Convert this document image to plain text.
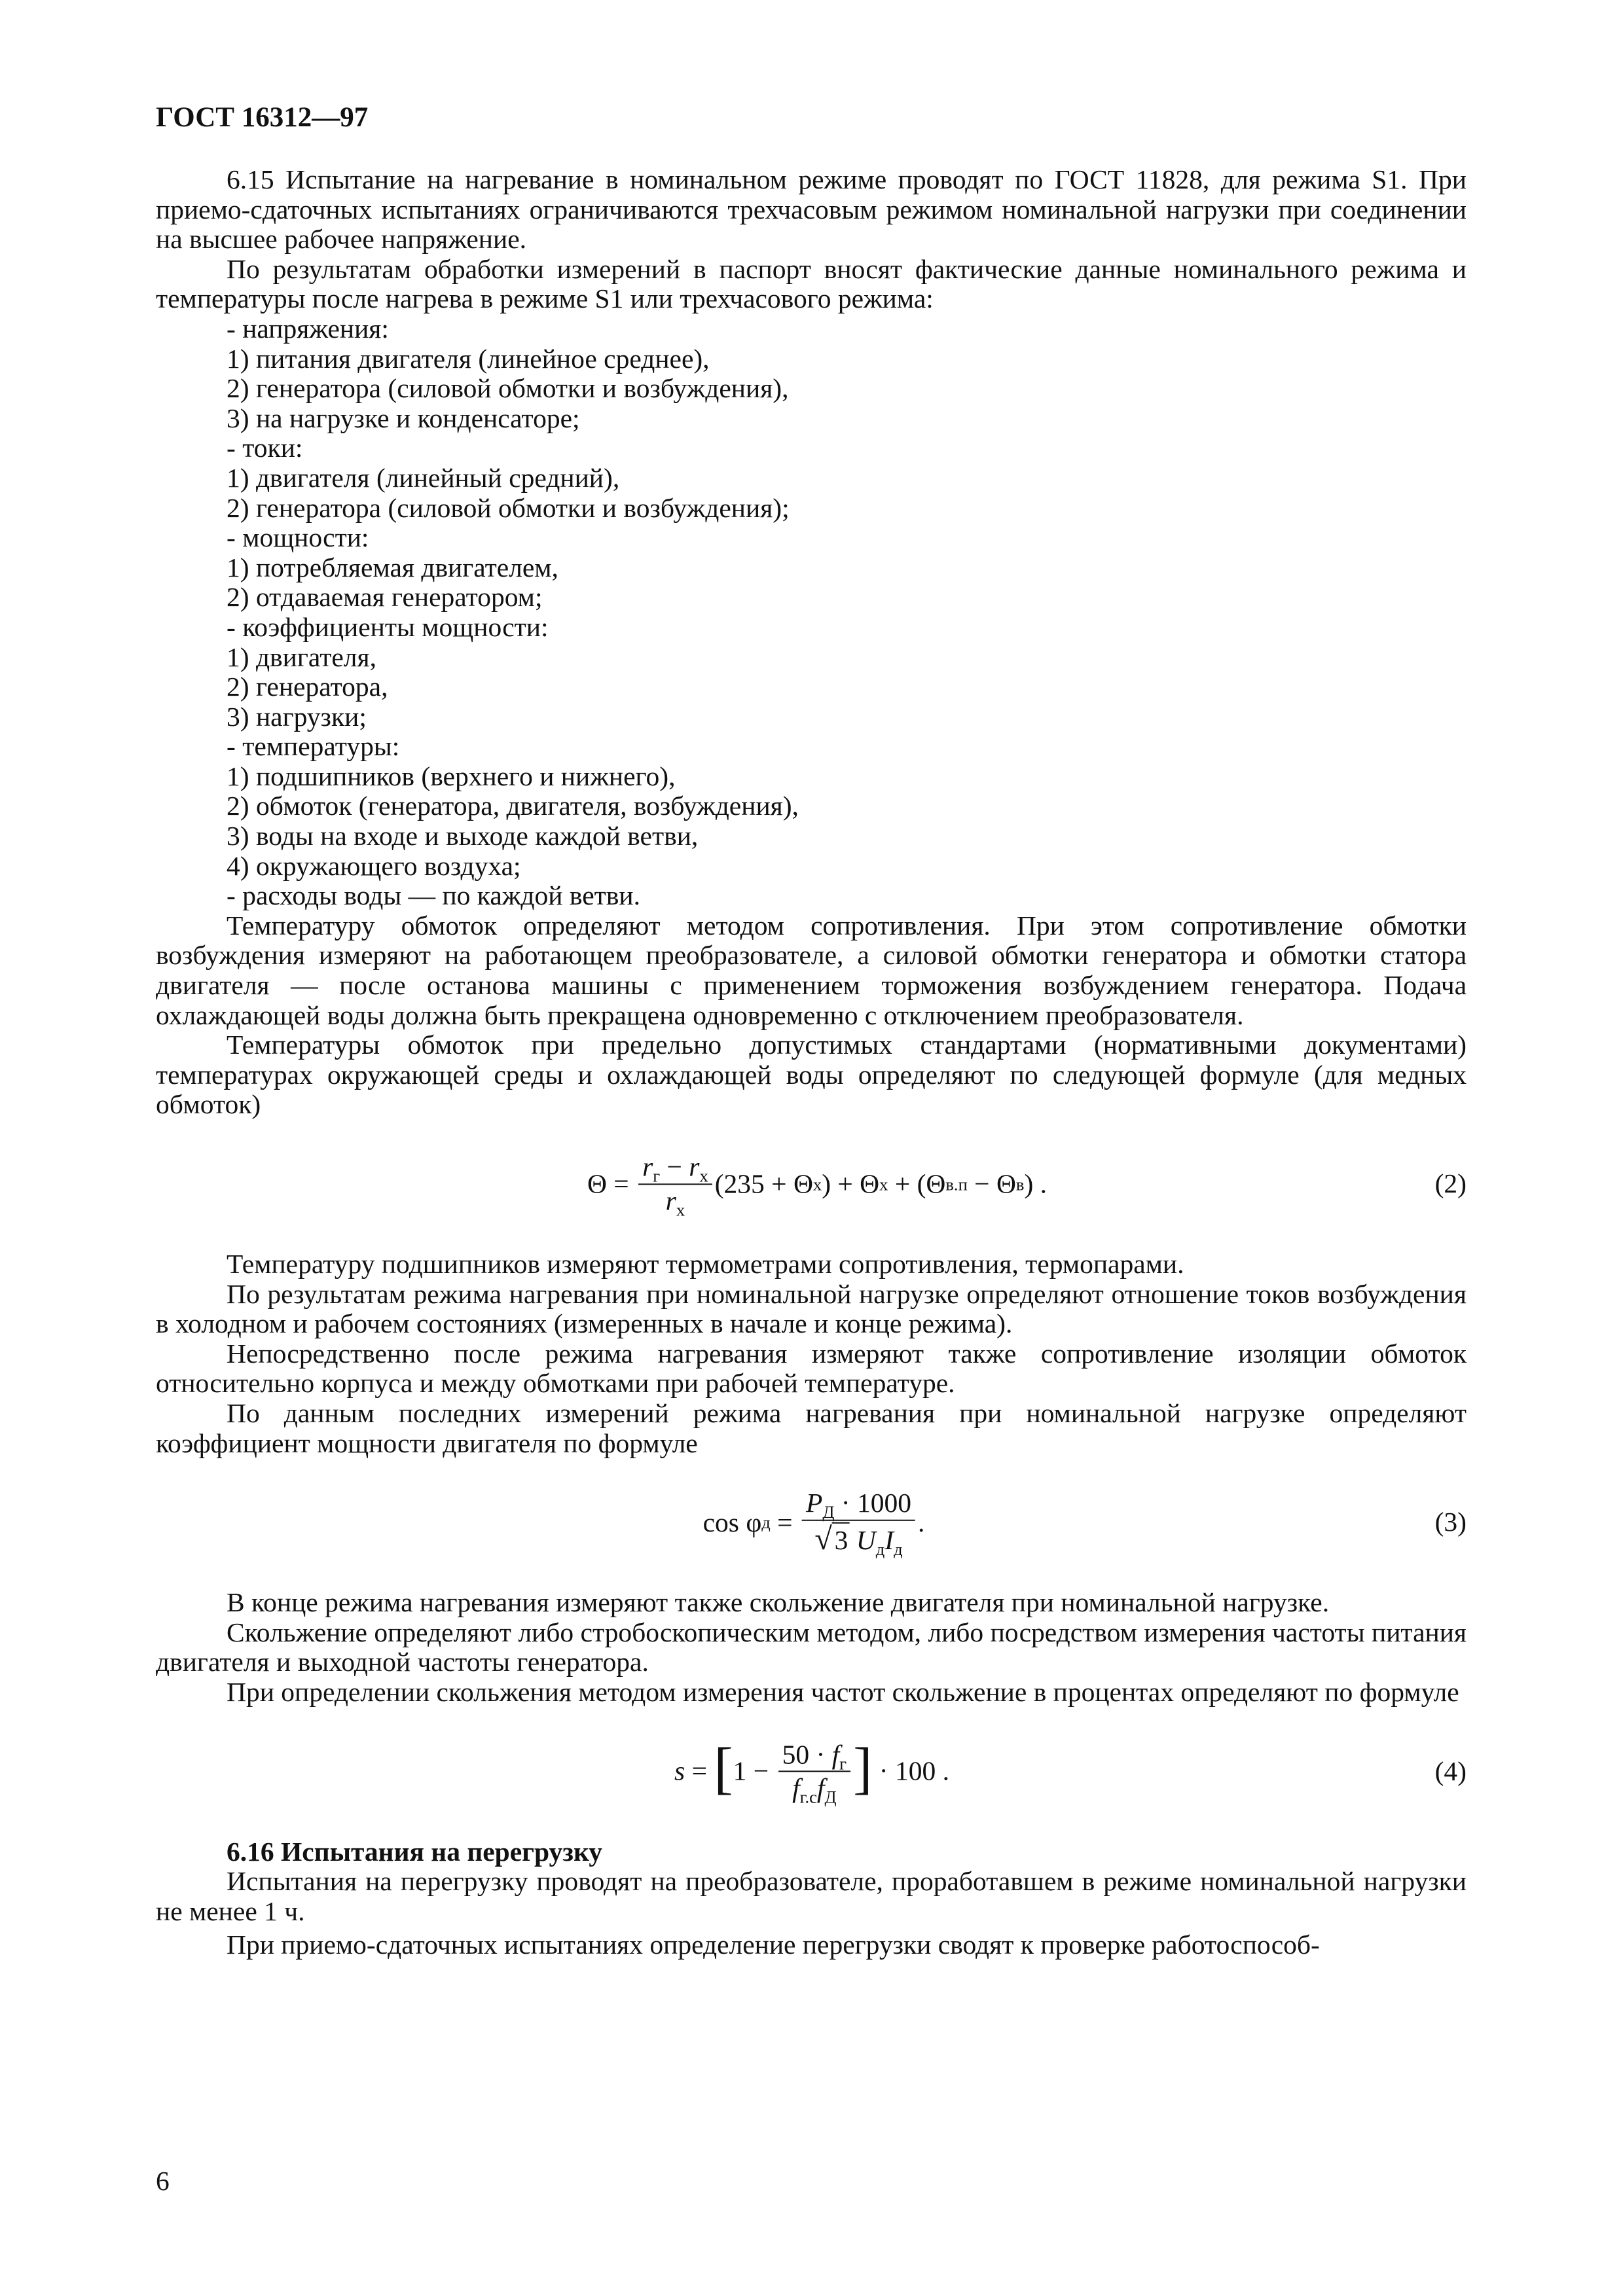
ГОСТ 16312—97

6.15 Испытание на нагревание в номинальном режиме проводят по ГОСТ 11828, для режима S1. При приемо-сдаточных испытаниях ограничиваются трехчасовым режимом номинальной нагрузки при соединении на высшее рабочее напряжение.

По результатам обработки измерений в паспорт вносят фактические данные номинального режима и температуры после нагрева в режиме S1 или трехчасового режима:

- напряжения:

1) питания двигателя (линейное среднее),

2) генератора (силовой обмотки и возбуждения),

3) на нагрузке и конденсаторе;

- токи:

1) двигателя (линейный средний),

2) генератора (силовой обмотки и возбуждения);

- мощности:

1) потребляемая двигателем,

2) отдаваемая генератором;

- коэффициенты мощности:

1) двигателя,

2) генератора,

3) нагрузки;

- температуры:

1) подшипников (верхнего и нижнего),

2) обмоток (генератора, двигателя, возбуждения),

3) воды на входе и выходе каждой ветви,

4) окружающего воздуха;

- расходы воды — по каждой ветви.

Температуру обмоток определяют методом сопротивления. При этом сопротивление обмотки возбуждения измеряют на работающем преобразователе, а силовой обмотки генератора и обмотки статора двигателя — после останова машины с применением торможения возбуждением генератора. Подача охлаждающей воды должна быть прекращена одновременно с отключением преобразователя.

Температуры обмоток при предельно допустимых стандартами (нормативными документами) температурах окружающей среды и охлаждающей воды определяют по следующей формуле (для медных обмоток)

Θ =
$\frac{r_г - r_x}{r_x} (235 + \Theta$ x ) + Θ x + (Θ в.п − Θ в ) .	(2)

Температуру подшипников измеряют термометрами сопротивления, термопарами.

По результатам режима нагревания при номинальной нагрузке определяют отношение токов возбуждения в холодном и рабочем состояниях (измеренных в начале и конце режима).

Непосредственно после режима нагревания измеряют также сопротивление изоляции обмоток относительно корпуса и между обмотками при рабочей температуре.

По данным последних измерений режима нагревания при номинальной нагрузке определяют коэффициент мощности двигателя по формуле

cos φ д =
$\frac{P_Д \cdot 1000}{√3 U_дI_д}$ .	(3)

В конце режима нагревания измеряют также скольжение двигателя при номинальной нагрузке.

Скольжение определяют либо стробоскопическим методом, либо посредством измерения частоты питания двигателя и выходной частоты генератора.

При определении скольжения методом измерения частот скольжение в процентах определяют по формуле

s =
[ 1 −
$\frac{50 \cdot f_г}{f_{г.с}f_Д}$ ] · 100 .	(4)

6.16 Испытания на перегрузку

Испытания на перегрузку проводят на преобразователе, проработавшем в режиме номинальной нагрузки не менее 1 ч.

При приемо-сдаточных испытаниях определение перегрузки сводят к проверке работоспособ-

6
